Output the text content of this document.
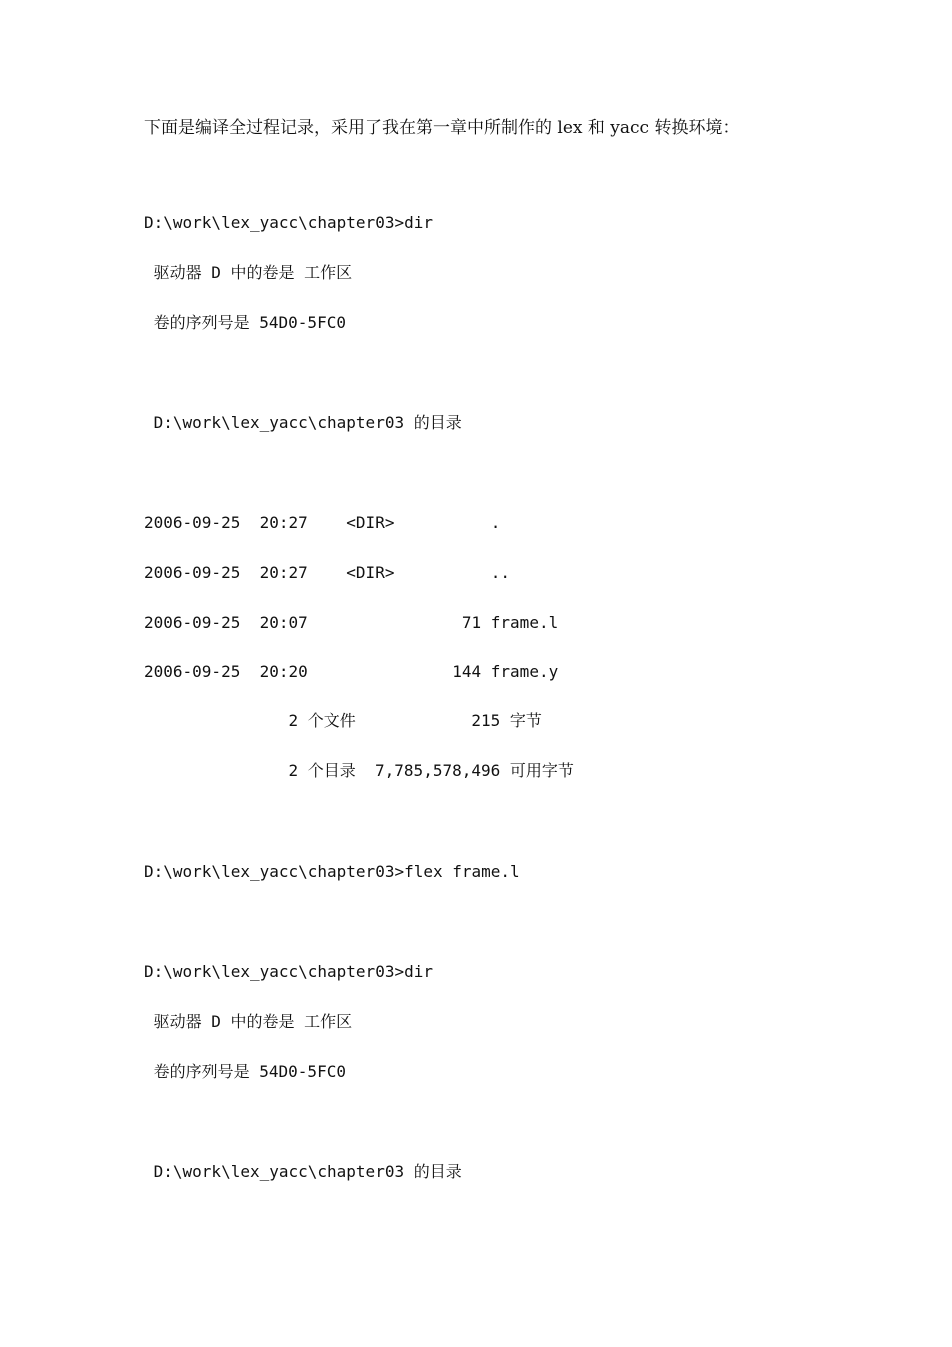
下面是编译全过程记录，采用了我在第一章中所制作的 lex 和 yacc 转换环境：

D:\work\lex_yacc\chapter03>dir

驱动器 D 中的卷是 工作区

卷的序列号是 54D0-5FC0

D:\work\lex_yacc\chapter03 的目录

2006-09-25  20:27    <DIR>          .

2006-09-25  20:27    <DIR>          ..

2006-09-25  20:07                71 frame.l

2006-09-25  20:20               144 frame.y

2 个文件            215 字节

2 个目录  7,785,578,496 可用字节

D:\work\lex_yacc\chapter03>flex frame.l

D:\work\lex_yacc\chapter03>dir

驱动器 D 中的卷是 工作区

卷的序列号是 54D0-5FC0

D:\work\lex_yacc\chapter03 的目录
